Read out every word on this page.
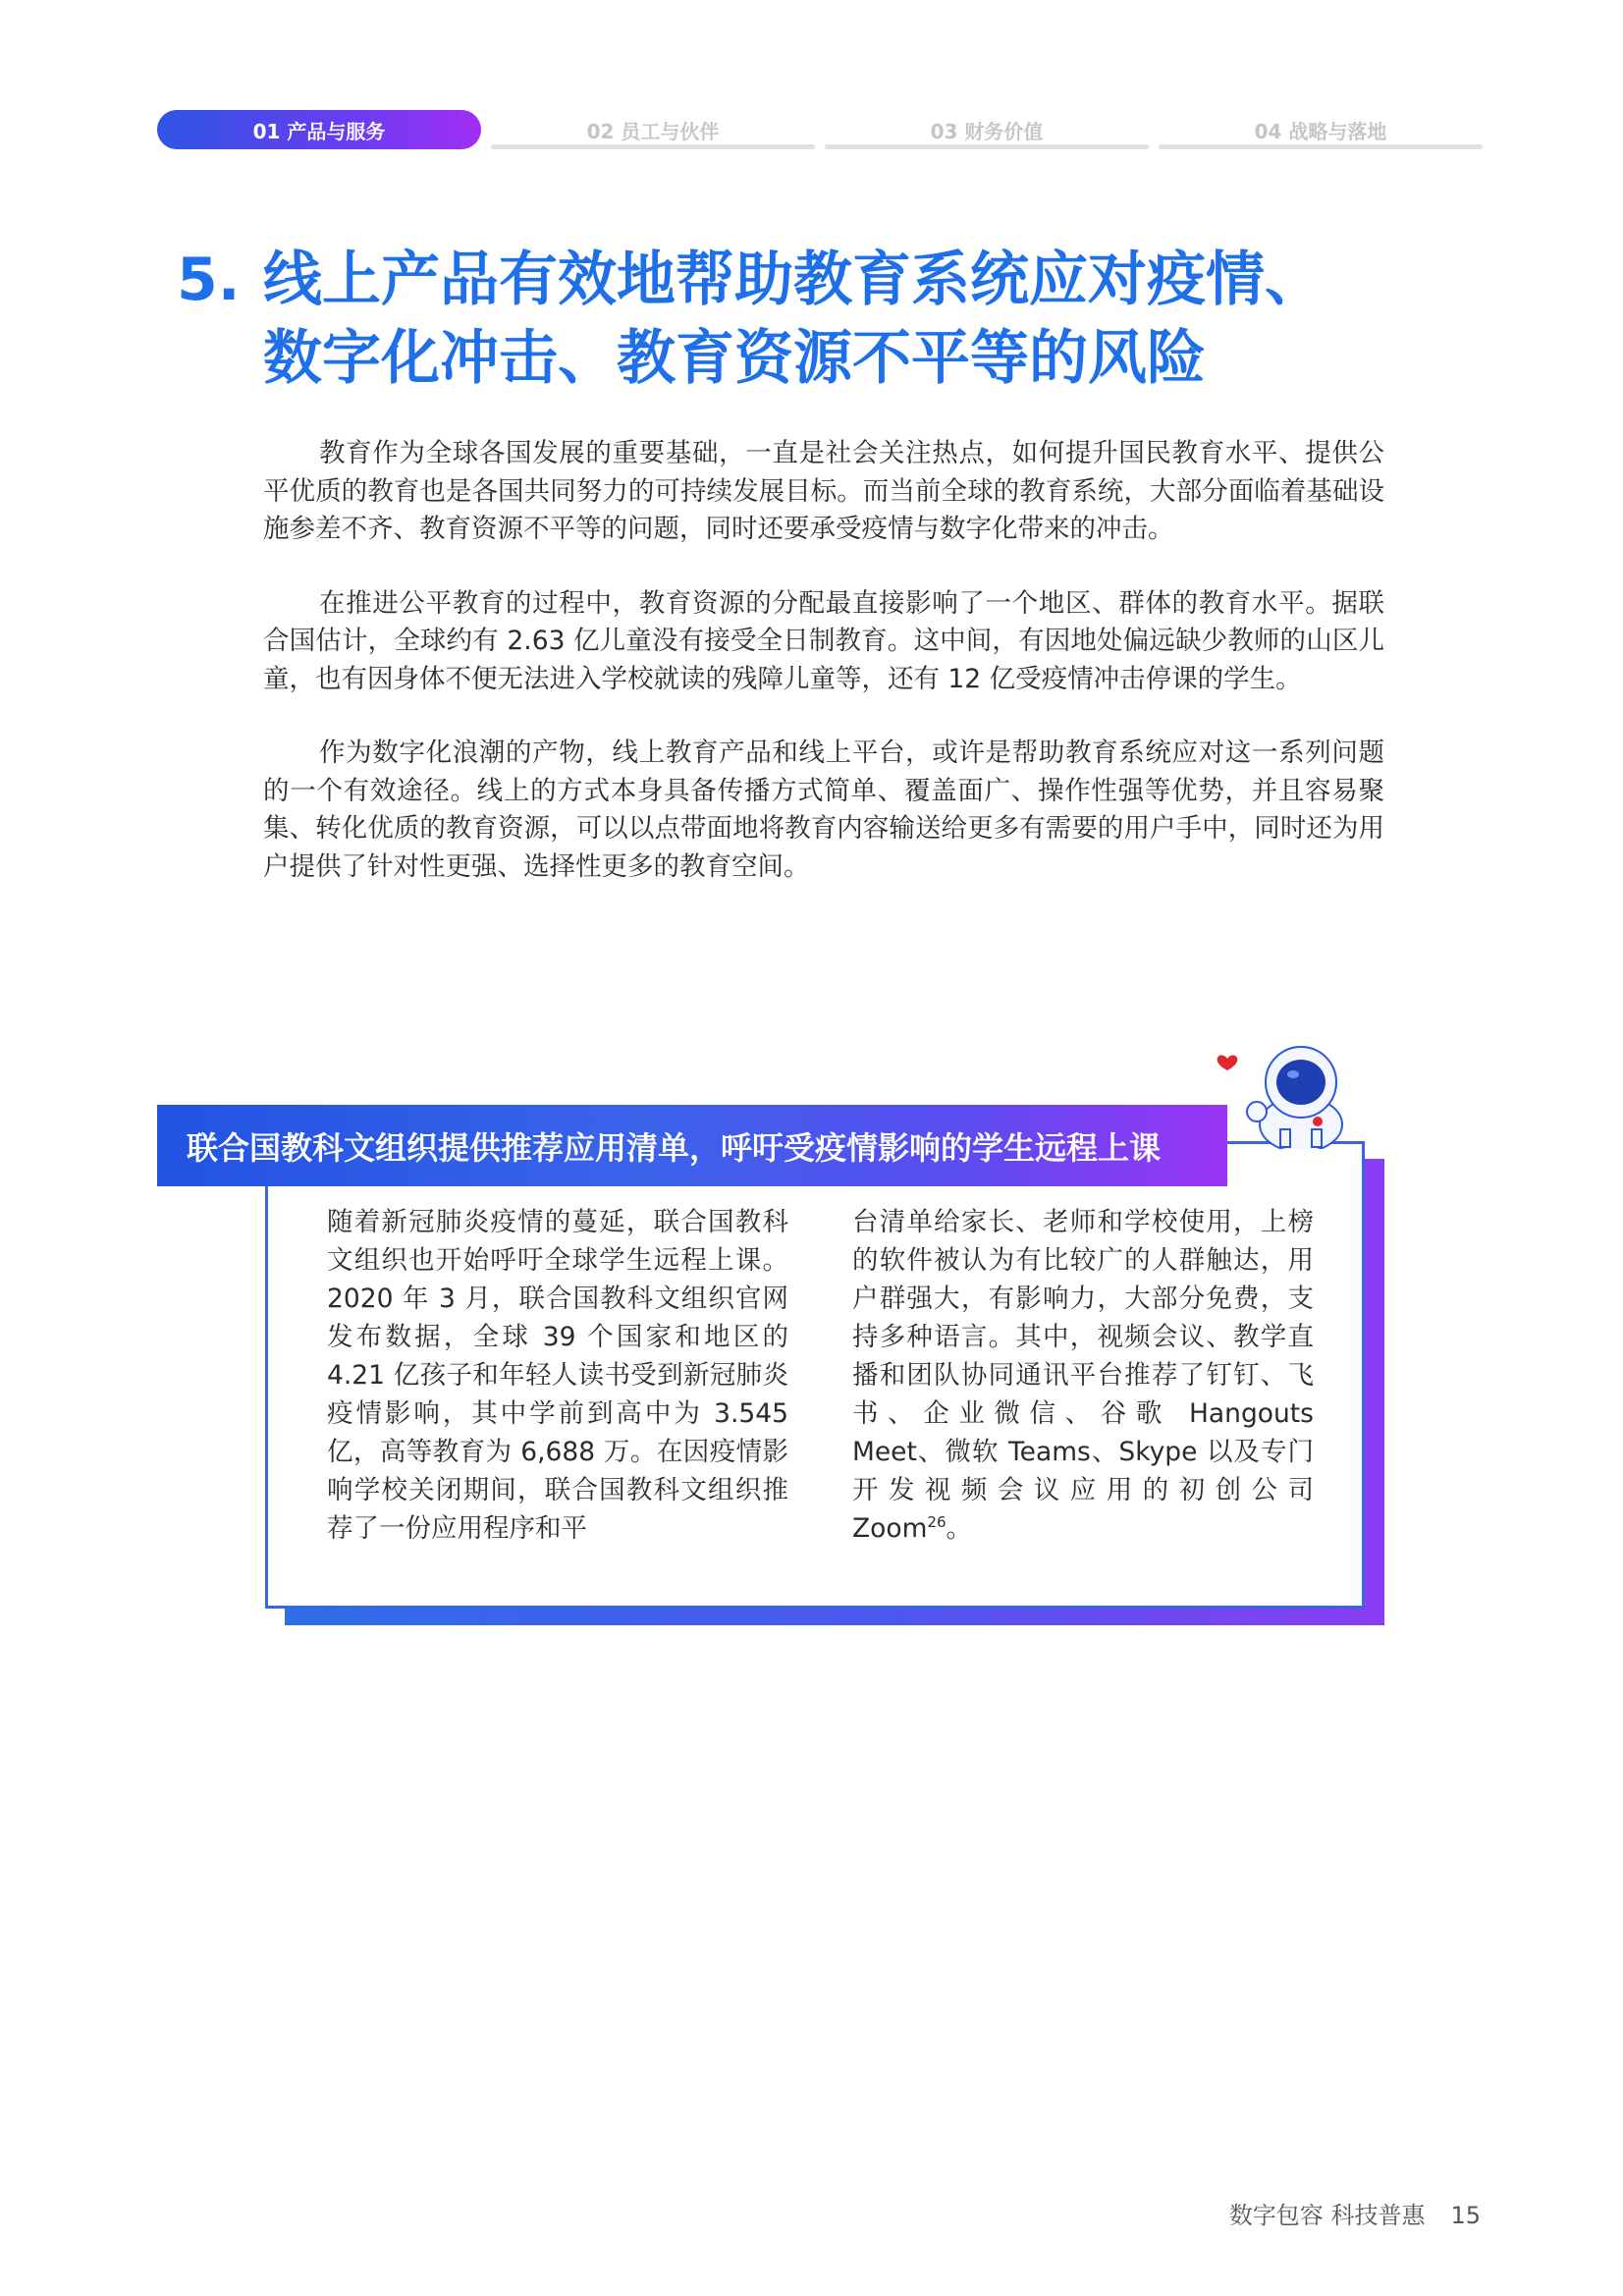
01 产品与服务	02 员工与伙伴	03 财务价值	04 战略与落地
5. 线上产品有效地帮助教育系统应对疫情、
数字化冲击、教育资源不平等的风险

教育作为全球各国发展的重要基础，一直是社会关注热点，如何提升国民教育水平、提供公平优质的教育也是各国共同努力的可持续发展目标。而当前全球的教育系统，大部分面临着基础设施参差不齐、教育资源不平等的问题，同时还要承受疫情与数字化带来的冲击。

在推进公平教育的过程中，教育资源的分配最直接影响了一个地区、群体的教育水平。据联合国估计，全球约有 2.63 亿儿童没有接受全日制教育。这中间，有因地处偏远缺少教师的山区儿童，也有因身体不便无法进入学校就读的残障儿童等，还有 12 亿受疫情冲击停课的学生。

作为数字化浪潮的产物，线上教育产品和线上平台，或许是帮助教育系统应对这一系列问题的一个有效途径。线上的方式本身具备传播方式简单、覆盖面广、操作性强等优势，并且容易聚集、转化优质的教育资源，可以以点带面地将教育内容输送给更多有需要的用户手中，同时还为用户提供了针对性更强、选择性更多的教育空间。

联合国教科文组织提供推荐应用清单，呼吁受疫情影响的学生远程上课
随着新冠肺炎疫情的蔓延，联合国教科文组织也开始呼吁全球学生远程上课。2020 年 3 月，联合国教科文组织官网发布数据，全球 39 个国家和地区的 4.21 亿孩子和年轻人读书受到新冠肺炎疫情影响，其中学前到高中为 3.545 亿，高等教育为 6,688 万。在因疫情影响学校关闭期间，联合国教科文组织推荐了一份应用程序和平
台清单给家长、老师和学校使用，上榜的软件被认为有比较广的人群触达，用户群强大，有影响力，大部分免费，支持多种语言。其中，视频会议、教学直播和团队协同通讯平台推荐了钉钉、飞书、企业微信、谷歌 Hangouts Meet、微软 Teams、Skype 以及专门开发视频会议应用的初创公司 Zoom$^{26}$。
数字包容 科技普惠 15
